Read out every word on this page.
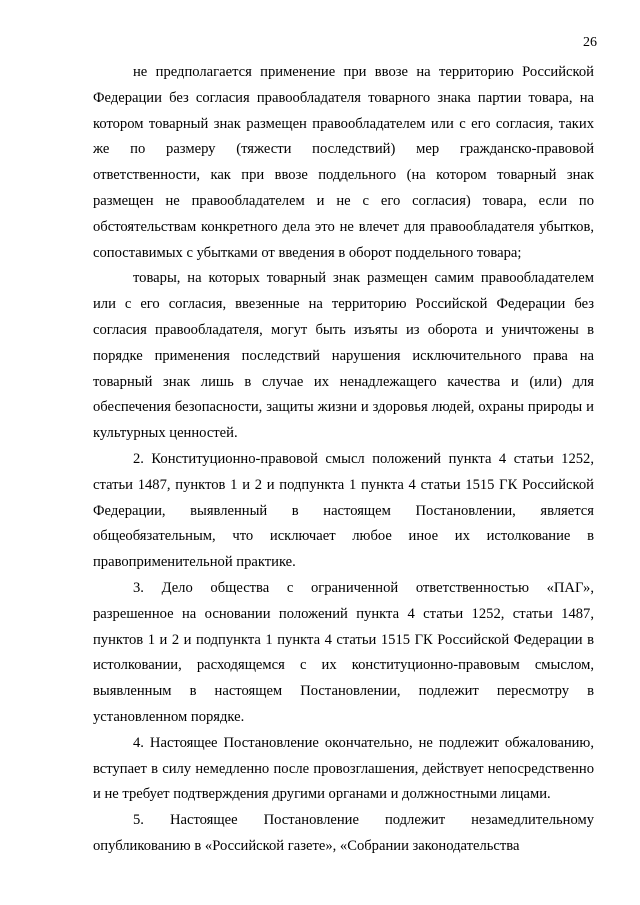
26

не предполагается применение при ввозе на территорию Российской Федерации без согласия правообладателя товарного знака партии товара, на котором товарный знак размещен правообладателем или с его согласия, таких же по размеру (тяжести последствий) мер гражданско-правовой ответственности, как при ввозе поддельного (на котором товарный знак размещен не правообладателем и не с его согласия) товара, если по обстоятельствам конкретного дела это не влечет для правообладателя убытков, сопоставимых с убытками от введения в оборот поддельного товара;

товары, на которых товарный знак размещен самим правообладателем или с его согласия, ввезенные на территорию Российской Федерации без согласия правообладателя, могут быть изъяты из оборота и уничтожены в порядке применения последствий нарушения исключительного права на товарный знак лишь в случае их ненадлежащего качества и (или) для обеспечения безопасности, защиты жизни и здоровья людей, охраны природы и культурных ценностей.

2. Конституционно-правовой смысл положений пункта 4 статьи 1252, статьи 1487, пунктов 1 и 2 и подпункта 1 пункта 4 статьи 1515 ГК Российской Федерации, выявленный в настоящем Постановлении, является общеобязательным, что исключает любое иное их истолкование в правоприменительной практике.

3. Дело общества с ограниченной ответственностью «ПАГ», разрешенное на основании положений пункта 4 статьи 1252, статьи 1487, пунктов 1 и 2 и подпункта 1 пункта 4 статьи 1515 ГК Российской Федерации в истолковании, расходящемся с их конституционно-правовым смыслом, выявленным в настоящем Постановлении, подлежит пересмотру в установленном порядке.

4. Настоящее Постановление окончательно, не подлежит обжалованию, вступает в силу немедленно после провозглашения, действует непосредственно и не требует подтверждения другими органами и должностными лицами.

5. Настоящее Постановление подлежит незамедлительному опубликованию в «Российской газете», «Собрании законодательства
